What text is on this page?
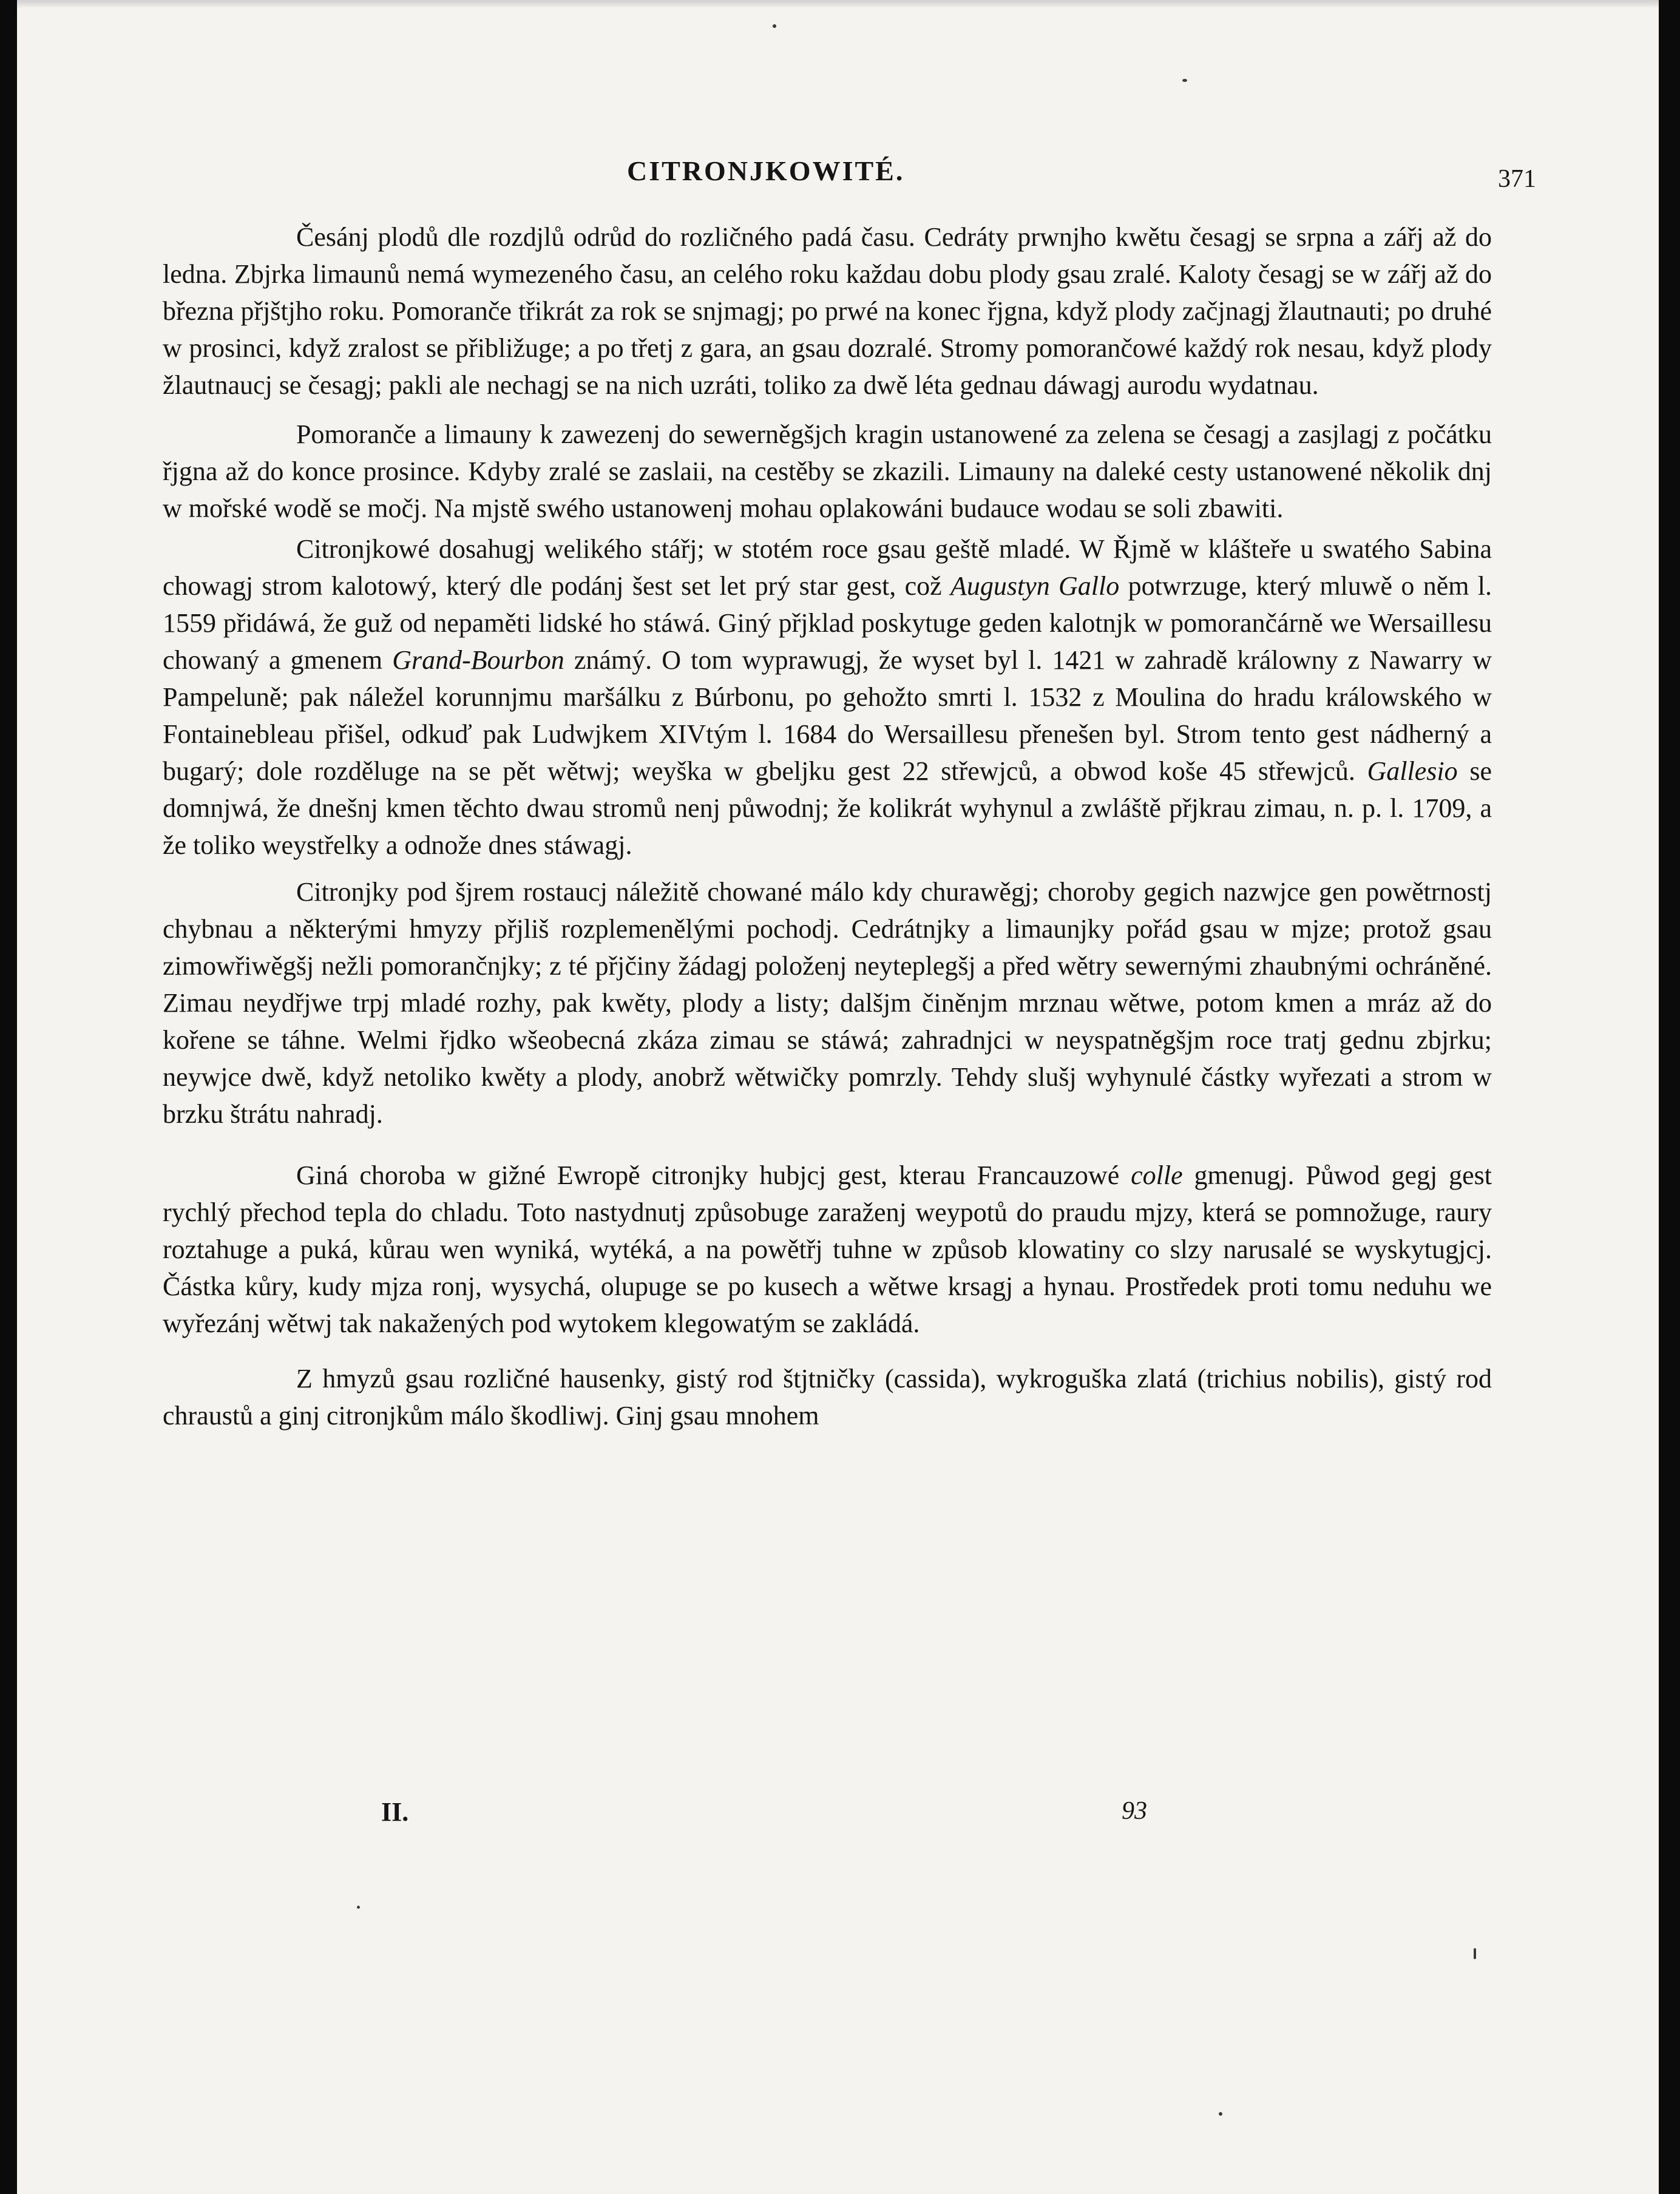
CITRONJKOWITÉ.	371

Česánj plodů dle rozdjlů odrůd do rozličného padá času. Cedráty prwnjho kwětu česagj se srpna a zářj až do ledna. Zbjrka limaunů nemá wymezeného času, an celého roku každau dobu plody gsau zralé. Kaloty česagj se w zářj až do března přjštjho roku. Pomoranče třikrát za rok se snjmagj; po prwé na konec řjgna, když plody začjnagj žlautnauti; po druhé w prosinci, když zralost se přibližuge; a po třetj z gara, an gsau dozralé. Stromy pomorančowé každý rok nesau, když plody žlautnaucj se česagj; pakli ale nechagj se na nich uzráti, toliko za dwě léta gednau dáwagj aurodu wydatnau.

Pomoranče a limauny k zawezenj do sewerněgšjch kragin ustanowené za zelena se česagj a zasjlagj z počátku řjgna až do konce prosince. Kdyby zralé se zaslaii, na cestěby se zkazili. Limauny na daleké cesty ustanowené několik dnj w mořské wodě se močj. Na mjstě swého ustanowenj mohau oplakowáni budauce wodau se soli zbawiti.

Citronjkowé dosahugj welikého stářj; w stotém roce gsau geště mladé. W Řjmě w klášteře u swatého Sabina chowagj strom kalotowý, který dle podánj šest set let prý star gest, což Augustyn Gallo potwrzuge, který mluwě o něm l. 1559 přidáwá, že guž od nepaměti lidské ho stáwá. Giný přjklad poskytuge geden kalotnjk w pomorančárně we Wersaillesu chowaný a gmenem Grand-Bourbon známý. O tom wyprawugj, že wyset byl l. 1421 w zahradě králowny z Nawarry w Pampeluně; pak náležel korunnjmu maršálku z Búrbonu, po gehožto smrti l. 1532 z Moulina do hradu králowského w Fontainebleau přišel, odkuď pak Ludwjkem XIVtým l. 1684 do Wersaillesu přenešen byl. Strom tento gest nádherný a bugarý; dole rozděluge na se pět wětwj; weyška w gbeljku gest 22 střewjců, a obwod koše 45 střewjců. Gallesio se domnjwá, že dnešnj kmen těchto dwau stromů nenj půwodnj; že kolikrát wyhynul a zwláště přjkrau zimau, n. p. l. 1709, a že toliko weystřelky a odnože dnes stáwagj.

Citronjky pod šjrem rostaucj náležitě chowané málo kdy churawěgj; choroby gegich nazwjce gen powětrnostj chybnau a některými hmyzy přjliš rozplemenělými pochodj. Cedrátnjky a limaunjky pořád gsau w mjze; protož gsau zimowřiwěgšj nežli pomorančnjky; z té přjčiny žádagj položenj neyteplegšj a před wětry sewernými zhaubnými ochráněné. Zimau neydřjwe trpj mladé rozhy, pak kwěty, plody a listy; dalšjm činěnjm mrznau wětwe, potom kmen a mráz až do kořene se táhne. Welmi řjdko wšeobecná zkáza zimau se stáwá; zahradnjci w neyspatněgšjm roce tratj gednu zbjrku; neywjce dwě, když netoliko kwěty a plody, anobrž wětwičky pomrzly. Tehdy slušj wyhynulé částky wyřezati a strom w brzku štrátu nahradj.

Giná choroba w gižné Ewropě citronjky hubjcj gest, kterau Francauzowé colle gmenugj. Půwod gegj gest rychlý přechod tepla do chladu. Toto nastydnutj způsobuge zaraženj weypotů do praudu mjzy, která se pomnožuge, raury roztahuge a puká, kůrau wen wyniká, wytéká, a na powětřj tuhne w způsob klowatiny co slzy narusalé se wyskytugjcj. Částka kůry, kudy mjza ronj, wysychá, olupuge se po kusech a wětwe krsagj a hynau. Prostředek proti tomu neduhu we wyřezánj wětwj tak nakažených pod wytokem klegowatým se zakládá.

Z hmyzů gsau rozličné hausenky, gistý rod štjtničky (cassida), wykroguška zlatá (trichius nobilis), gistý rod chraustů a ginj citronjkům málo škodliwj. Ginj gsau mnohem

II.	93
